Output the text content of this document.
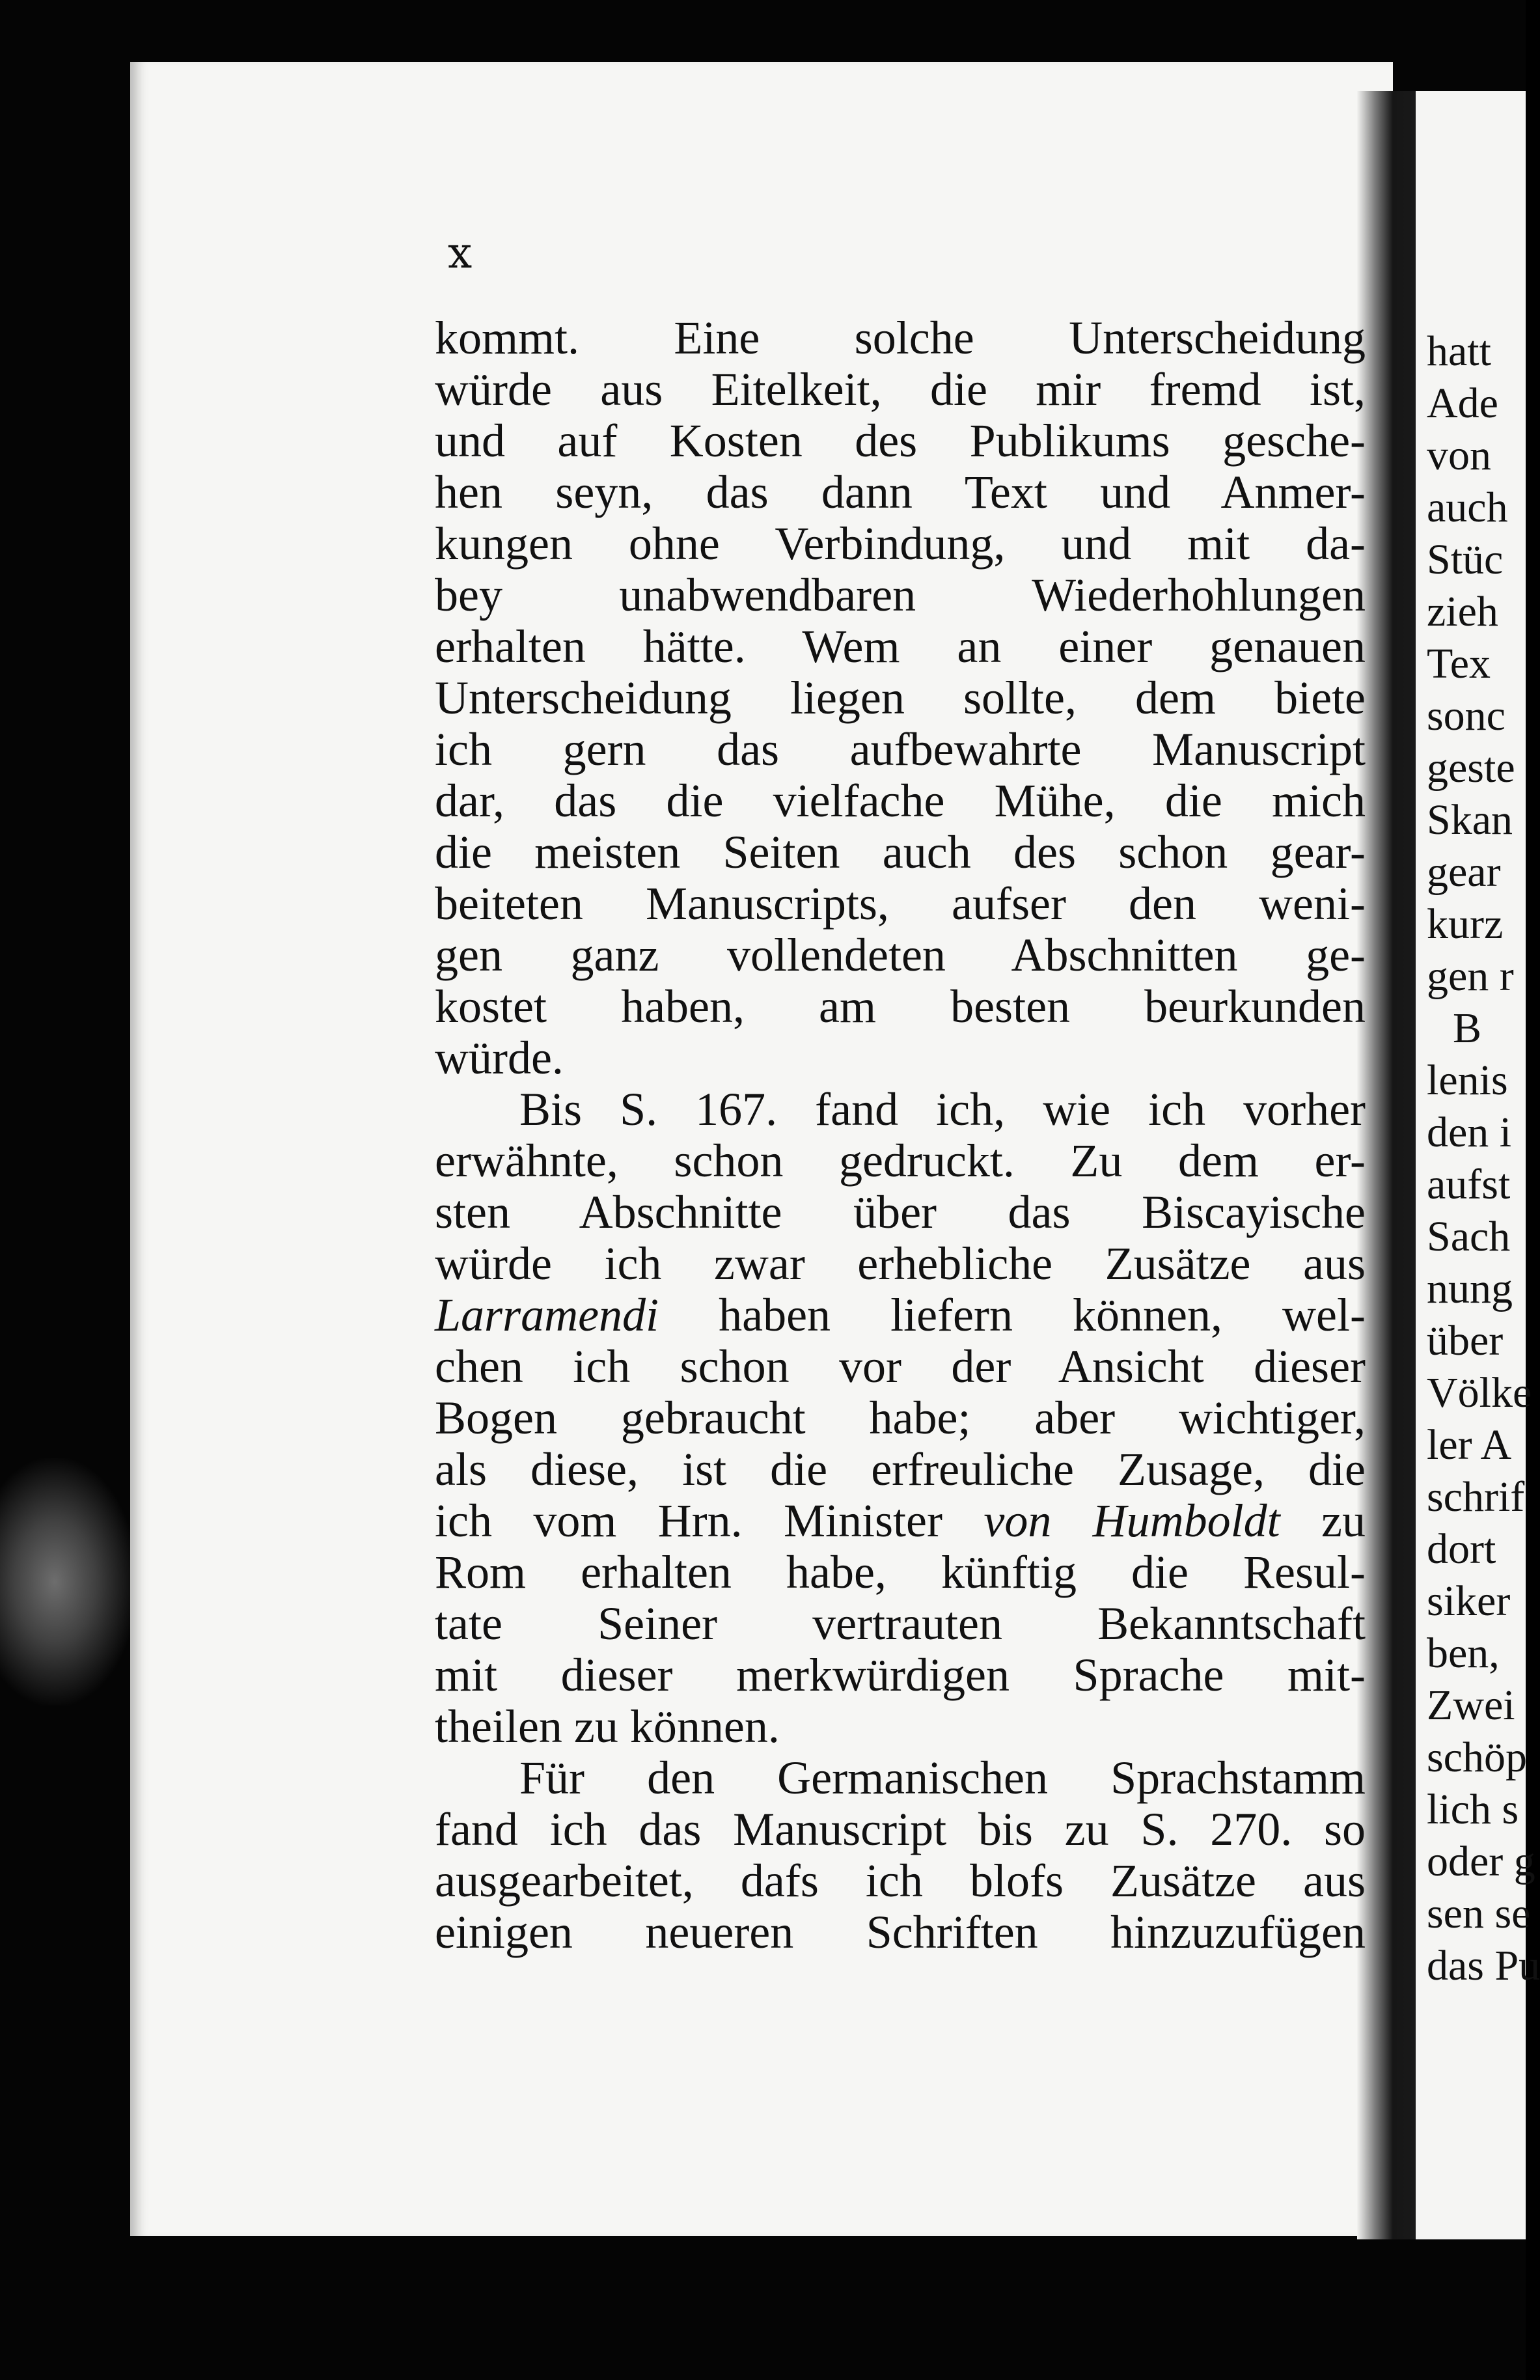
x
kommt. Eine solche Unterscheidung
würde aus Eitelkeit, die mir fremd ist,
und auf Kosten des Publikums gesche-
hen seyn, das dann Text und Anmer-
kungen ohne Verbindung, und mit da-
bey unabwendbaren Wiederhohlungen
erhalten hätte. Wem an einer genauen
Unterscheidung liegen sollte, dem biete
ich gern das aufbewahrte Manuscript
dar, das die vielfache Mühe, die mich
die meisten Seiten auch des schon gear-
beiteten Manuscripts, aufser den weni-
gen ganz vollendeten Abschnitten ge-
kostet haben, am besten beurkunden
würde.
Bis S. 167. fand ich, wie ich vorher
erwähnte, schon gedruckt. Zu dem er-
sten Abschnitte über das Biscayische
würde ich zwar erhebliche Zusätze aus
Larramendi haben liefern können, wel-
chen ich schon vor der Ansicht dieser
Bogen gebraucht habe; aber wichtiger,
als diese, ist die erfreuliche Zusage, die
ich vom Hrn. Minister von Humboldt zu
Rom erhalten habe, künftig die Resul-
tate Seiner vertrauten Bekanntschaft
mit dieser merkwürdigen Sprache mit-
theilen zu können.
Für den Germanischen Sprachstamm
fand ich das Manuscript bis zu S. 270. so
ausgearbeitet, dafs ich blofs Zusätze aus
einigen neueren Schriften hinzuzufügen
hatt
Ade
von
auch
Stüc
zieh
Tex
sonc
geste
Skan
gear
kurz
gen r
B
lenis
den i
aufst
Sach
nung
über
Völke
ler A
schrif
dort
siker
ben,
Zwei
schöp
lich s
oder g
sen se
das Pu
